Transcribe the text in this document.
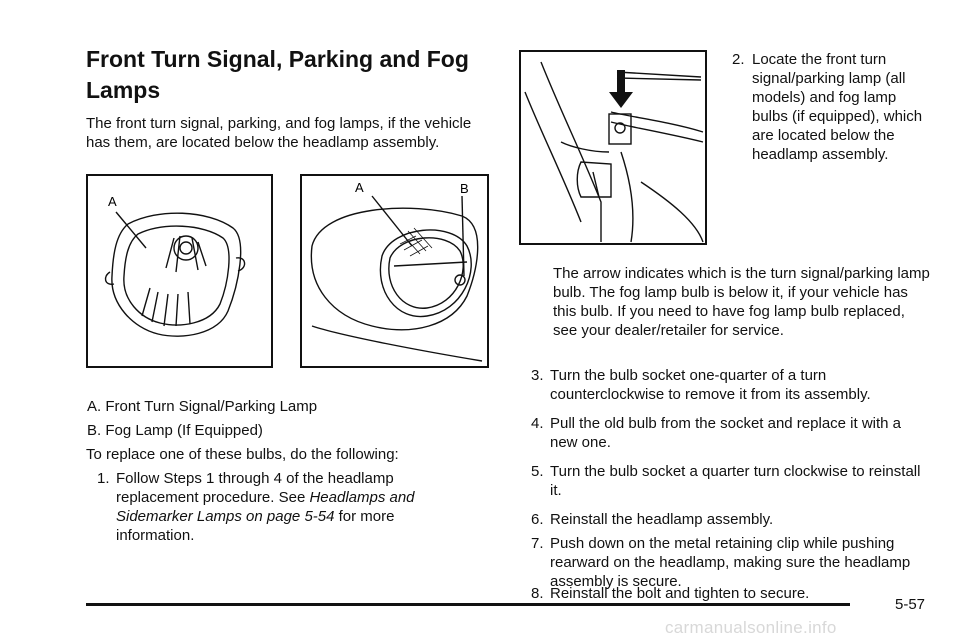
Front Turn Signal, Parking and Fog Lamps
The front turn signal, parking, and fog lamps, if the vehicle has them, are located below the headlamp assembly.
A
A	B
A. Front Turn Signal/Parking Lamp
B. Fog Lamp (If Equipped)
To replace one of these bulbs, do the following:
1. Follow Steps 1 through 4 of the headlamp replacement procedure. See Headlamps and Sidemarker Lamps on page 5-54 for more information.
2. Locate the front turn signal/parking lamp (all models) and fog lamp bulbs (if equipped), which are located below the headlamp assembly.
The arrow indicates which is the turn signal/parking lamp bulb. The fog lamp bulb is below it, if your vehicle has this bulb. If you need to have fog lamp bulb replaced, see your dealer/retailer for service.
3. Turn the bulb socket one-quarter of a turn counterclockwise to remove it from its assembly.
4. Pull the old bulb from the socket and replace it with a new one.
5. Turn the bulb socket a quarter turn clockwise to reinstall it.
6. Reinstall the headlamp assembly.
7. Push down on the metal retaining clip while pushing rearward on the headlamp, making sure the headlamp assembly is secure.
8. Reinstall the bolt and tighten to secure.
5-57
carmanualsonline.info
